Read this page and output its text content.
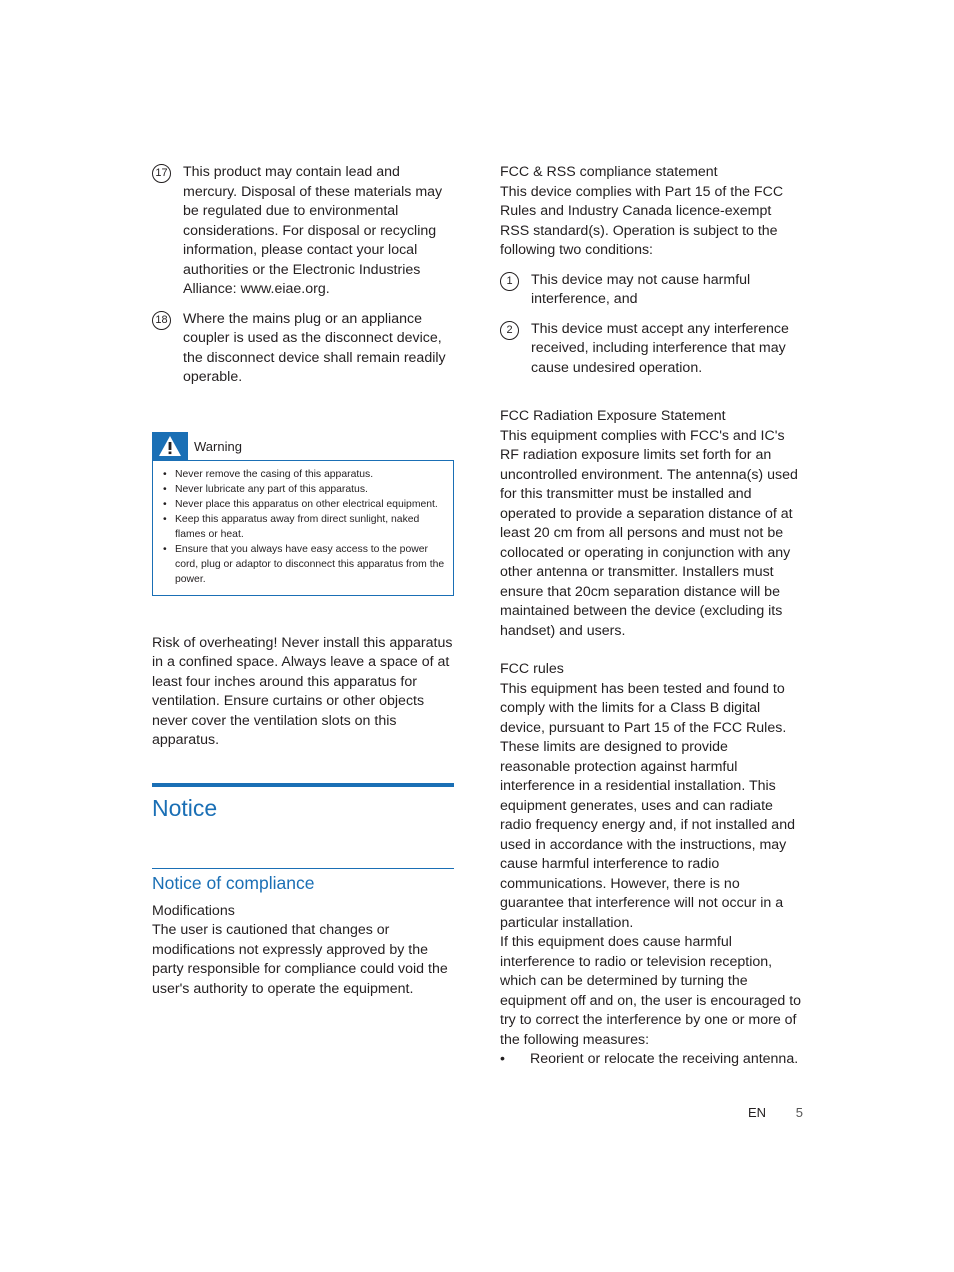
17 This product may contain lead and mercury. Disposal of these materials may be regulated due to environmental considerations. For disposal or recycling information, please contact your local authorities or the Electronic Industries Alliance: www.eiae.org.
18 Where the mains plug or an appliance coupler is used as the disconnect device, the disconnect device shall remain readily operable.
Warning
• Never remove the casing of this apparatus.
• Never lubricate any part of this apparatus.
• Never place this apparatus on other electrical equipment.
• Keep this apparatus away from direct sunlight, naked flames or heat.
• Ensure that you always have easy access to the power cord, plug or adaptor to disconnect this apparatus from the power.
Risk of overheating! Never install this apparatus in a confined space. Always leave a space of at least four inches around this apparatus for ventilation. Ensure curtains or other objects never cover the ventilation slots on this apparatus.
Notice
Notice of compliance
Modifications
The user is cautioned that changes or modifications not expressly approved by the party responsible for compliance could void the user's authority to operate the equipment.
FCC & RSS compliance statement
This device complies with Part 15 of the FCC Rules and Industry Canada licence-exempt RSS standard(s). Operation is subject to the following two conditions:
1	This device may not cause harmful interference, and
2	This device must accept any interference received, including interference that may cause undesired operation.
FCC Radiation Exposure Statement
This equipment complies with FCC's and IC's RF radiation exposure limits set forth for an uncontrolled environment. The antenna(s) used for this transmitter must be installed and operated to provide a separation distance of at least 20 cm from all persons and must not be collocated or operating in conjunction with any other antenna or transmitter. Installers must ensure that 20cm separation distance will be maintained between the device (excluding its handset) and users.
FCC rules
This equipment has been tested and found to comply with the limits for a Class B digital device, pursuant to Part 15 of the FCC Rules. These limits are designed to provide reasonable protection against harmful interference in a residential installation. This equipment generates, uses and can radiate radio frequency energy and, if not installed and used in accordance with the instructions, may cause harmful interference to radio communications. However, there is no guarantee that interference will not occur in a particular installation.
If this equipment does cause harmful interference to radio or television reception, which can be determined by turning the equipment off and on, the user is encouraged to try to correct the interference by one or more of the following measures:
•	Reorient or relocate the receiving antenna.
EN 5
